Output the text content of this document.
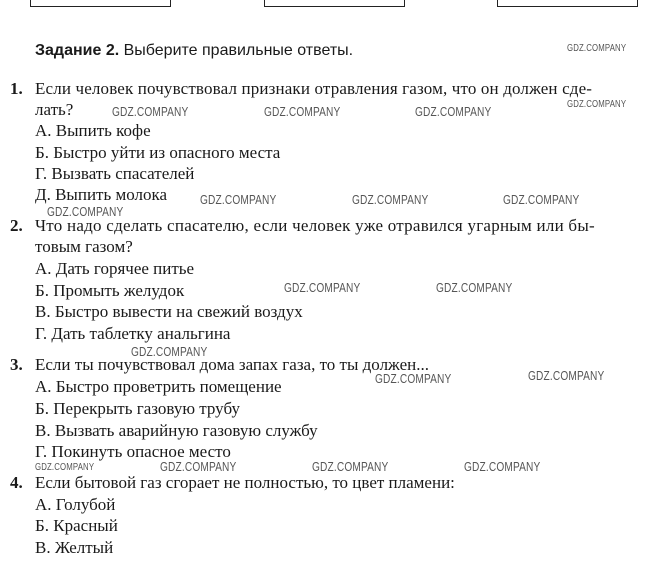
Задание 2. Выберите правильные ответы.
1. Если человек почувствовал признаки отравления газом, что он должен сде-
лать?
А. Выпить кофе
Б. Быстро уйти из опасного места
Г. Вызвать спасателей
Д. Выпить молока
2. Что надо сделать спасателю, если человек уже отравился угарным или бы-
товым газом?
А. Дать горячее питье
Б. Промыть желудок
В. Быстро вывести на свежий воздух
Г. Дать таблетку анальгина
3. Если ты почувствовал дома запах газа, то ты должен...
А. Быстро проветрить помещение
Б. Перекрыть газовую трубу
В. Вызвать аварийную газовую службу
Г. Покинуть опасное место
4. Если бытовой газ сгорает не полностью, то цвет пламени:
А. Голубой
Б. Красный
В. Желтый
GDZ.COMPANY
GDZ.COMPANY
GDZ.COMPANY	GDZ.COMPANY	GDZ.COMPANY
GDZ.COMPANY	GDZ.COMPANY	GDZ.COMPANY
GDZ.COMPANY
GDZ.COMPANY	GDZ.COMPANY
GDZ.COMPANY
GDZ.COMPANY	GDZ.COMPANY
GDZ.COMPANY	GDZ.COMPANY	GDZ.COMPANY	GDZ.COMPANY
